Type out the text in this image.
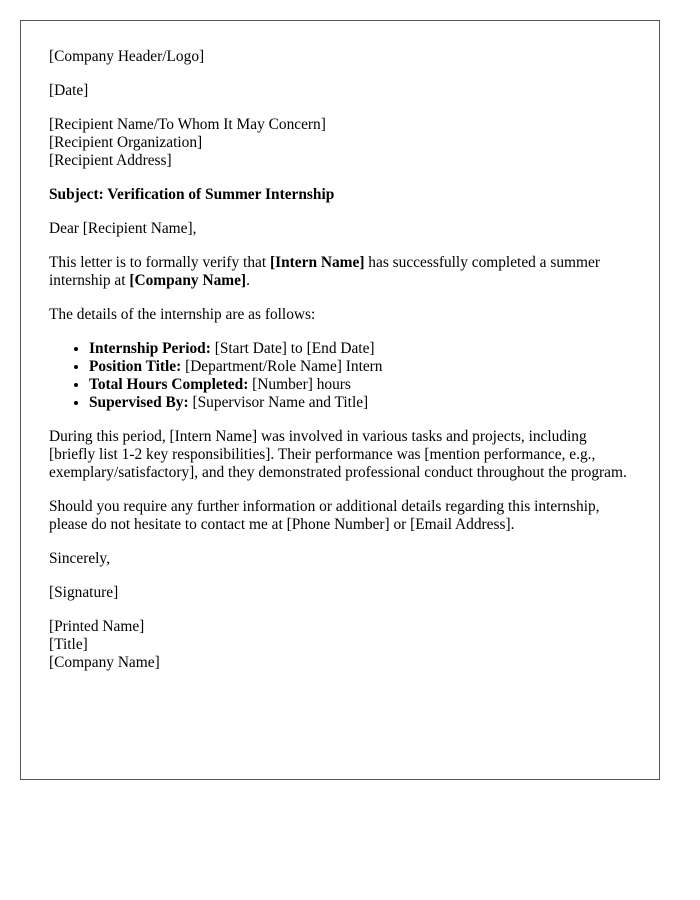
[Company Header/Logo]

[Date]

[Recipient Name/To Whom It May Concern]
[Recipient Organization]
[Recipient Address]

Subject: Verification of Summer Internship

Dear [Recipient Name],

This letter is to formally verify that [Intern Name] has successfully completed a summer internship at [Company Name].

The details of the internship are as follows:

• Internship Period: [Start Date] to [End Date]
• Position Title: [Department/Role Name] Intern
• Total Hours Completed: [Number] hours
• Supervised By: [Supervisor Name and Title]

During this period, [Intern Name] was involved in various tasks and projects, including [briefly list 1-2 key responsibilities]. Their performance was [mention performance, e.g., exemplary/satisfactory], and they demonstrated professional conduct throughout the program.

Should you require any further information or additional details regarding this internship, please do not hesitate to contact me at [Phone Number] or [Email Address].

Sincerely,

[Signature]

[Printed Name]
[Title]
[Company Name]
